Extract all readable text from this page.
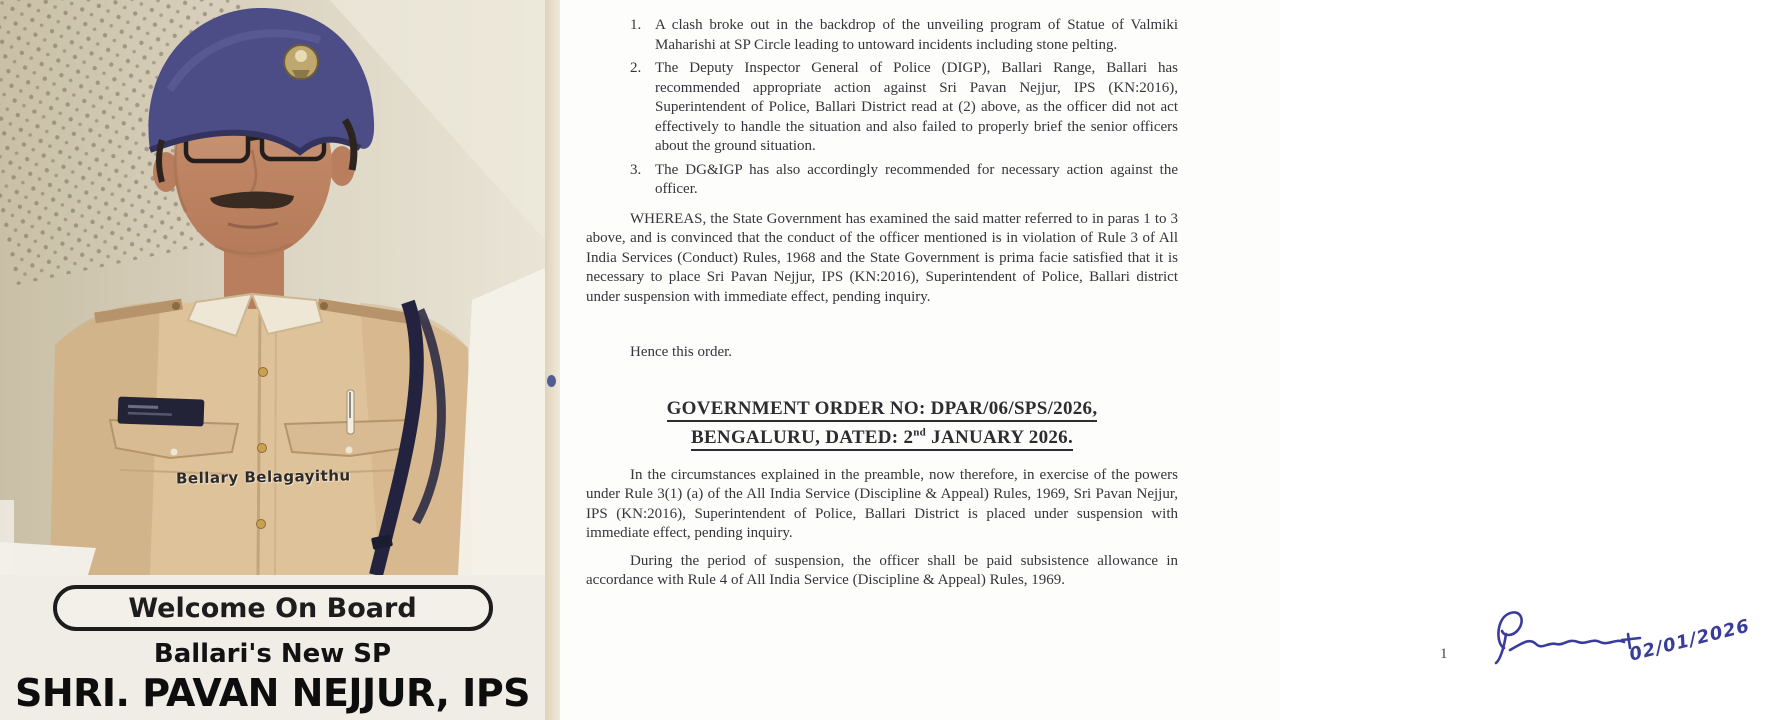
Bellary Belagayithu
Welcome On Board
Ballari's New SP
SHRI. PAVAN NEJJUR, IPS
1. A clash broke out in the backdrop of the unveiling program of Statue of Valmiki Maharishi at SP Circle leading to untoward incidents including stone pelting.
2. The Deputy Inspector General of Police (DIGP), Ballari Range, Ballari has recommended appropriate action against Sri Pavan Nejjur, IPS (KN:2016), Superintendent of Police, Ballari District read at (2) above, as the officer did not act effectively to handle the situation and also failed to properly brief the senior officers about the ground situation.
3. The DG&IGP has also accordingly recommended for necessary action against the officer.

WHEREAS, the State Government has examined the said matter referred to in paras 1 to 3 above, and is convinced that the conduct of the officer mentioned is in violation of Rule 3 of All India Services (Conduct) Rules, 1968 and the State Government is prima facie satisfied that it is necessary to place Sri Pavan Nejjur, IPS (KN:2016), Superintendent of Police, Ballari district under suspension with immediate effect, pending inquiry.

Hence this order.

GOVERNMENT ORDER NO: DPAR/06/SPS/2026,
BENGALURU, DATED: 2nd JANUARY 2026.

In the circumstances explained in the preamble, now therefore, in exercise of the powers under Rule 3(1) (a) of the All India Service (Discipline & Appeal) Rules, 1969, Sri Pavan Nejjur, IPS (KN:2016), Superintendent of Police, Ballari District is placed under suspension with immediate effect, pending inquiry.

During the period of suspension, the officer shall be paid subsistence allowance in accordance with Rule 4 of All India Service (Discipline & Appeal) Rules, 1969.

02/01/2026
1
